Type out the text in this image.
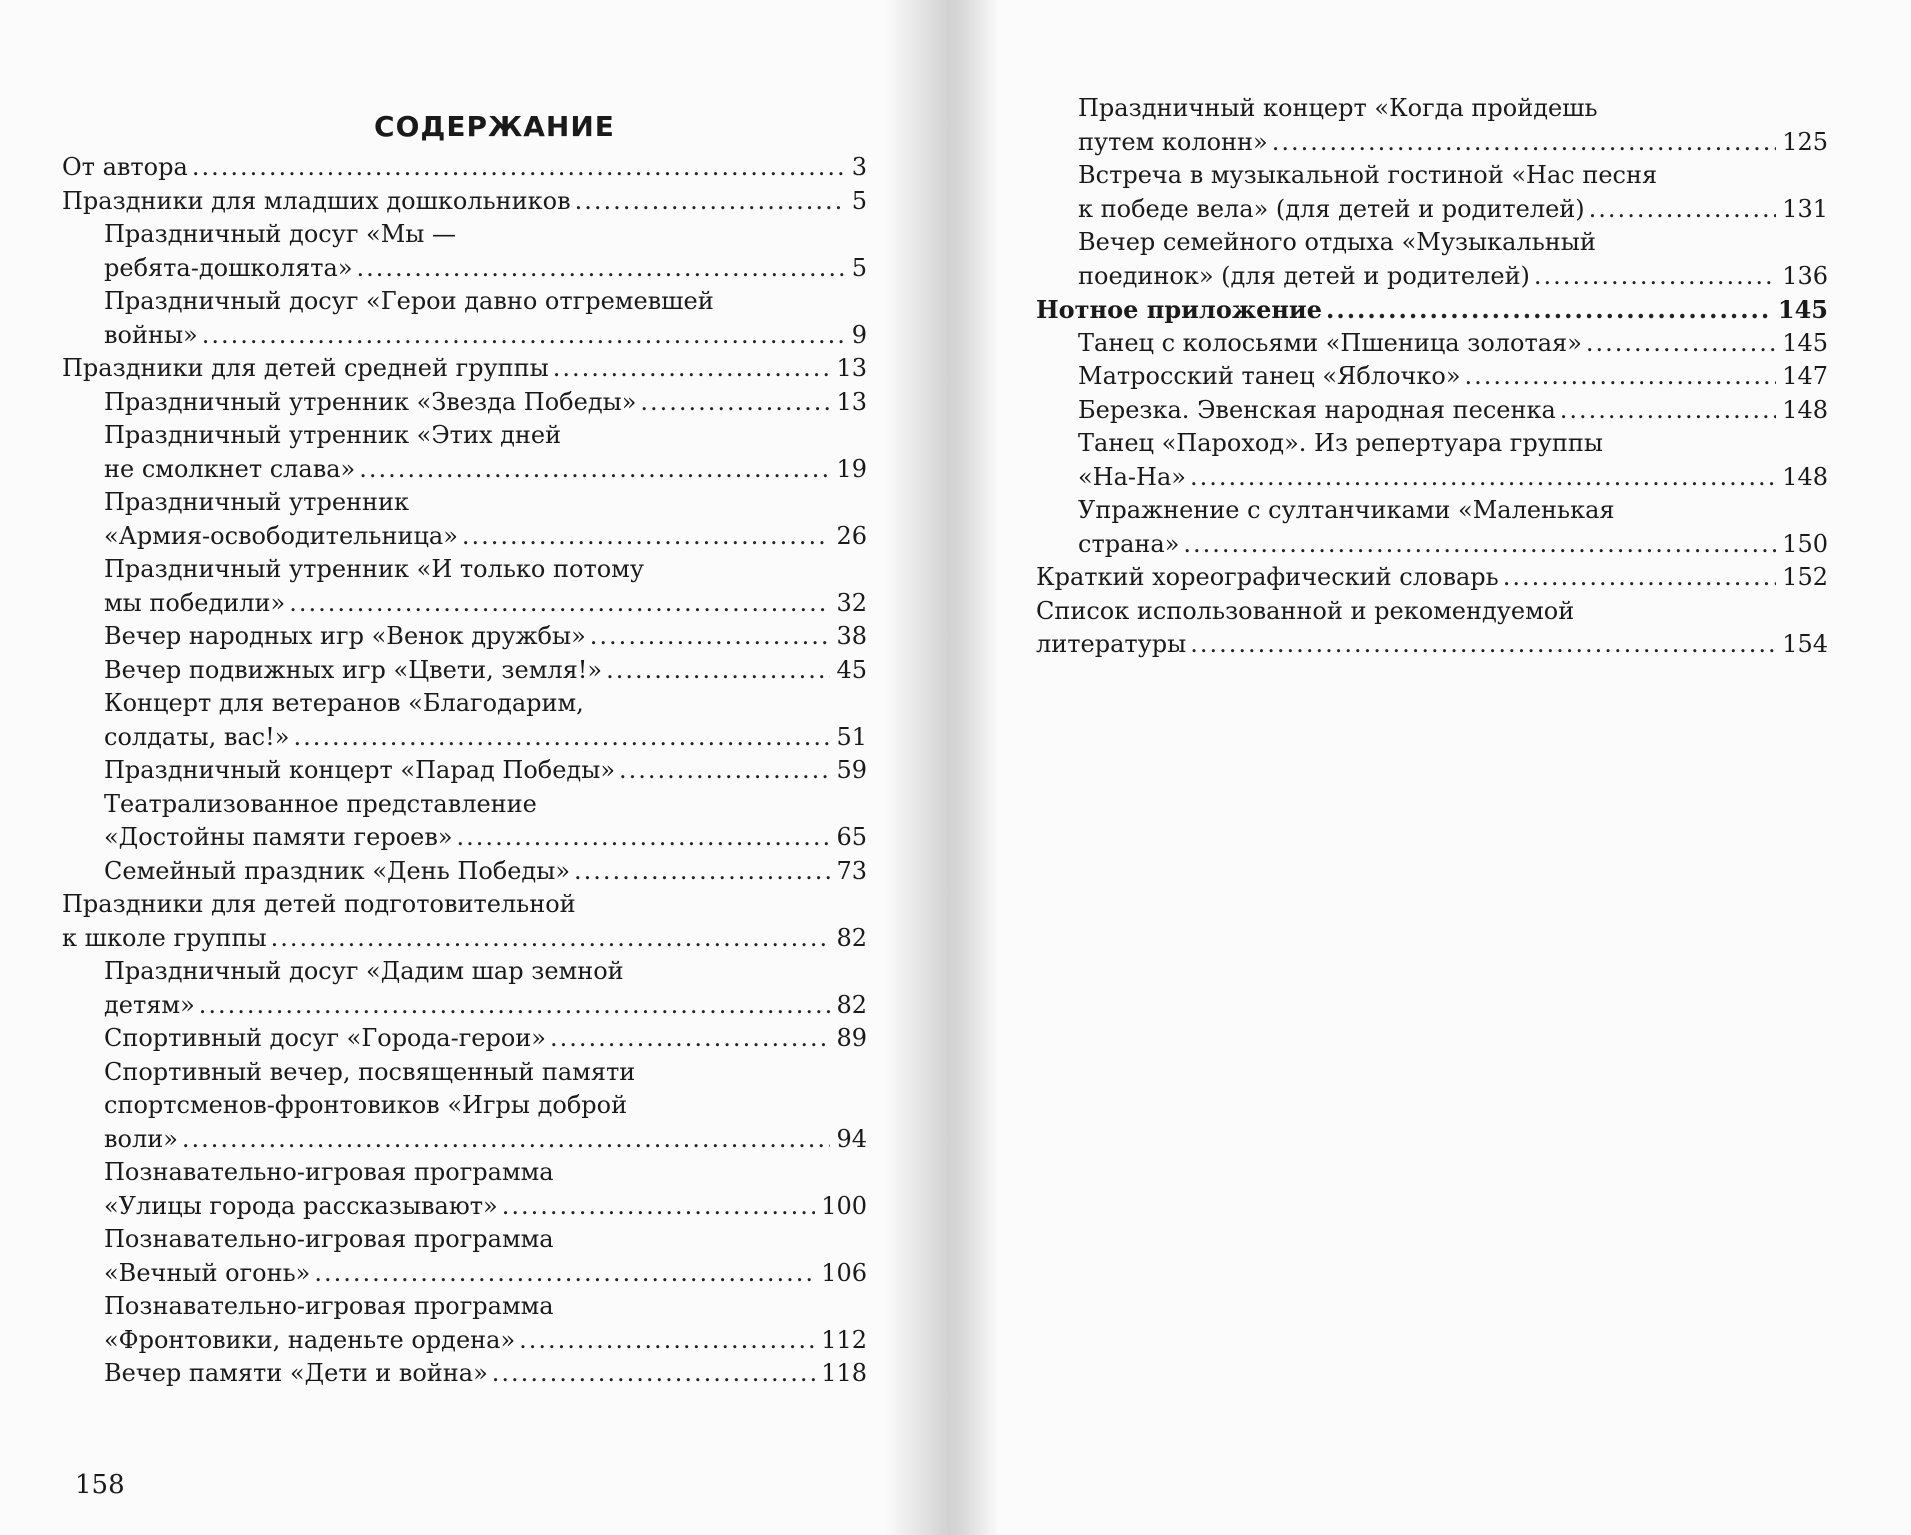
СОДЕРЖАНИЕ
От автора .....	3
Праздники для младших дошкольников .....	5
Праздничный досуг «Мы —
ребята-дошколята» .....	5
Праздничный досуг «Герои давно отгремевшей
войны» .....	9
Праздники для детей средней группы .....	13
Праздничный утренник «Звезда Победы» .....	13
Праздничный утренник «Этих дней
не смолкнет слава» .....	19
Праздничный утренник
«Армия-освободительница» .....	26
Праздничный утренник «И только потому
мы победили» .....	32
Вечер народных игр «Венок дружбы» .....	38
Вечер подвижных игр «Цвети, земля!» .....	45
Концерт для ветеранов «Благодарим,
солдаты, вас!» .....	51
Праздничный концерт «Парад Победы» .....	59
Театрализованное представление
«Достойны памяти героев» .....	65
Семейный праздник «День Победы» .....	73
Праздники для детей подготовительной
к школе группы .....	82
Праздничный досуг «Дадим шар земной
детям» .....	82
Спортивный досуг «Города-герои» .....	89
Спортивный вечер, посвященный памяти
спортсменов-фронтовиков «Игры доброй
воли» .....	94
Познавательно-игровая программа
«Улицы города рассказывают» .....	100
Познавательно-игровая программа
«Вечный огонь» .....	106
Познавательно-игровая программа
«Фронтовики, наденьте ордена» .....	112
Вечер памяти «Дети и война» .....	118
Праздничный концерт «Когда пройдешь
путем колонн» .....	125
Встреча в музыкальной гостиной «Нас песня
к победе вела» (для детей и родителей) .....	131
Вечер семейного отдыха «Музыкальный
поединок» (для детей и родителей) .....	136
Нотное приложение .....	145
Танец с колосьями «Пшеница золотая» .....	145
Матросский танец «Яблочко» .....	147
Березка. Эвенская народная песенка .....	148
Танец «Пароход». Из репертуара группы
«На-На» .....	148
Упражнение с султанчиками «Маленькая
страна» .....	150
Краткий хореографический словарь .....	152
Список использованной и рекомендуемой
литературы .....	154
158
